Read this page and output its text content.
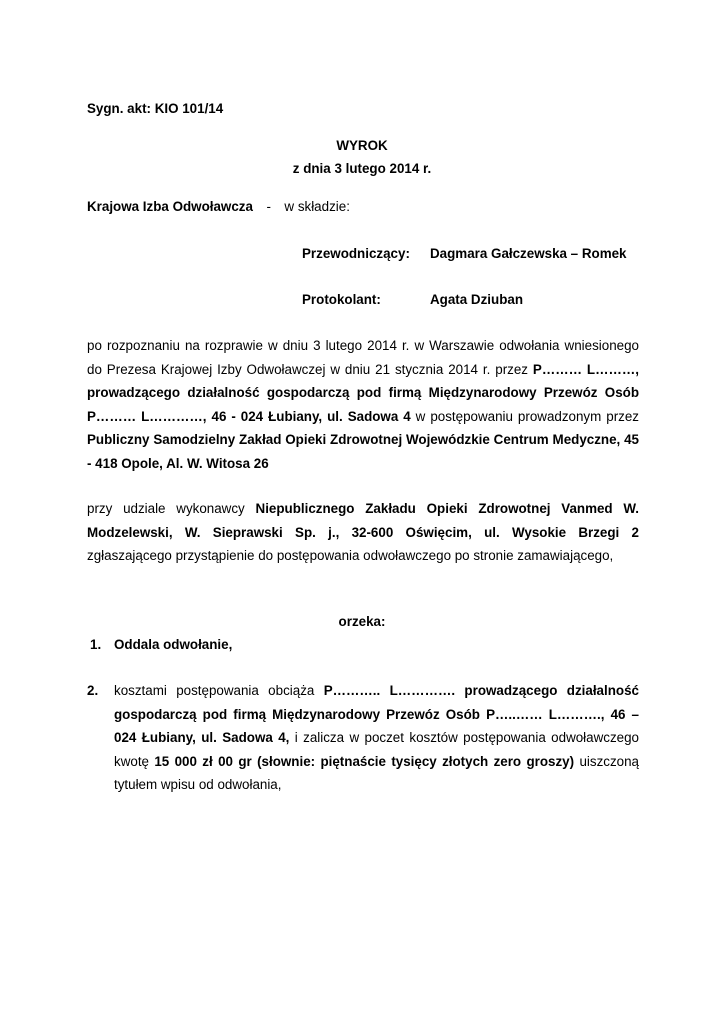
Sygn. akt: KIO 101/14
WYROK
z dnia 3 lutego 2014 r.
Krajowa Izba Odwoławcza - w składzie:
Przewodniczący: Dagmara Gałczewska – Romek
Protokolant:	Agata Dziuban
po rozpoznaniu na rozprawie w dniu 3 lutego 2014 r. w Warszawie odwołania wniesionego do Prezesa Krajowej Izby Odwoławczej w dniu 21 stycznia 2014 r. przez P……… L………, prowadzącego działalność gospodarczą pod firmą Międzynarodowy Przewóz Osób P……… L…………, 46 - 024 Łubiany, ul. Sadowa 4 w postępowaniu prowadzonym przez Publiczny Samodzielny Zakład Opieki Zdrowotnej Wojewódzkie Centrum Medyczne, 45 - 418 Opole, Al. W. Witosa 26
przy udziale wykonawcy Niepublicznego Zakładu Opieki Zdrowotnej Vanmed W. Modzelewski, W. Sieprawski Sp. j., 32-600 Oświęcim, ul. Wysokie Brzegi 2 zgłaszającego przystąpienie do postępowania odwoławczego po stronie zamawiającego,
orzeka:
1. Oddala odwołanie,
2. kosztami postępowania obciąża P……….. L…………. prowadzącego działalność gospodarczą pod firmą Międzynarodowy Przewóz Osób P…..…… L………., 46 – 024 Łubiany, ul. Sadowa 4, i zalicza w poczet kosztów postępowania odwoławczego kwotę 15 000 zł 00 gr (słownie: piętnaście tysięcy złotych zero groszy) uiszczoną tytułem wpisu od odwołania,
